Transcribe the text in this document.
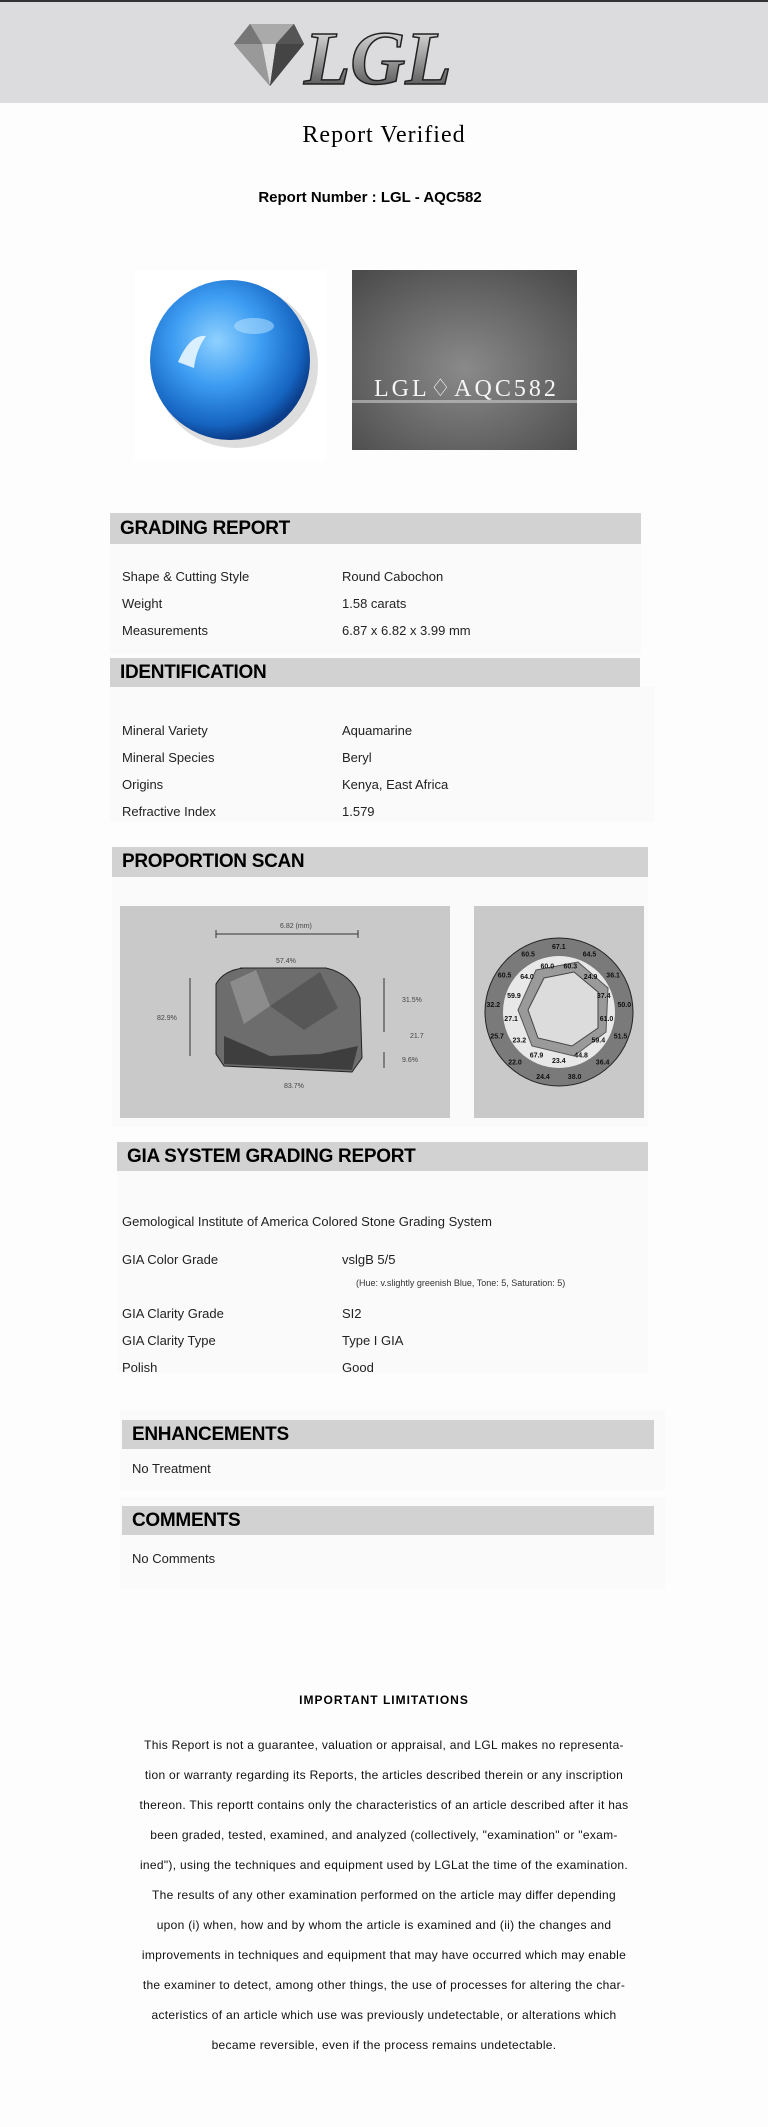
LGL
Report Verified
Report Number : LGL - AQC582
LGL♢AQC582
GRADING REPORT
Shape & Cutting Style	Round Cabochon
Weight	1.58 carats
Measurements	6.87 x 6.82 x 3.99 mm
IDENTIFICATION
Mineral Variety	Aquamarine
Mineral Species	Beryl
Origins	Kenya, East Africa
Refractive Index	1.579
PROPORTION SCAN
6.82 (mm)
57.4%
82.9%
31.5%
21.7
9.6%
83.7%
67.1
60.3
64.5
24.9 36.1
37.4
50.0
61.0
51.5
59.4
36.4
44.8
38.0
23.4
24.4
67.9
22.0
23.2
25.7
27.1
32.2
59.9
60.5 64.0
60.5
60.0
GIA SYSTEM GRADING REPORT
Gemological Institute of America Colored Stone Grading System
GIA Color Grade	vslgB 5/5
(Hue: v.slightly greenish Blue, Tone: 5, Saturation: 5)
GIA Clarity Grade	SI2
GIA Clarity Type	Type I GIA
Polish	Good
ENHANCEMENTS
No Treatment
COMMENTS
No Comments
IMPORTANT LIMITATIONS
This Report is not a guarantee, valuation or appraisal, and LGL makes no representa-
tion or warranty regarding its Reports, the articles described therein or any inscription
thereon. This reportt contains only the characteristics of an article described after it has
been graded, tested, examined, and analyzed (collectively, "examination" or "exam-
ined"), using the techniques and equipment used by LGLat the time of the examination.
The results of any other examination performed on the article may differ depending
upon (i) when, how and by whom the article is examined and (ii) the changes and
improvements in techniques and equipment that may have occurred which may enable
the examiner to detect, among other things, the use of processes for altering the char-
acteristics of an article which use was previously undetectable, or alterations which
became reversible, even if the process remains undetectable.
